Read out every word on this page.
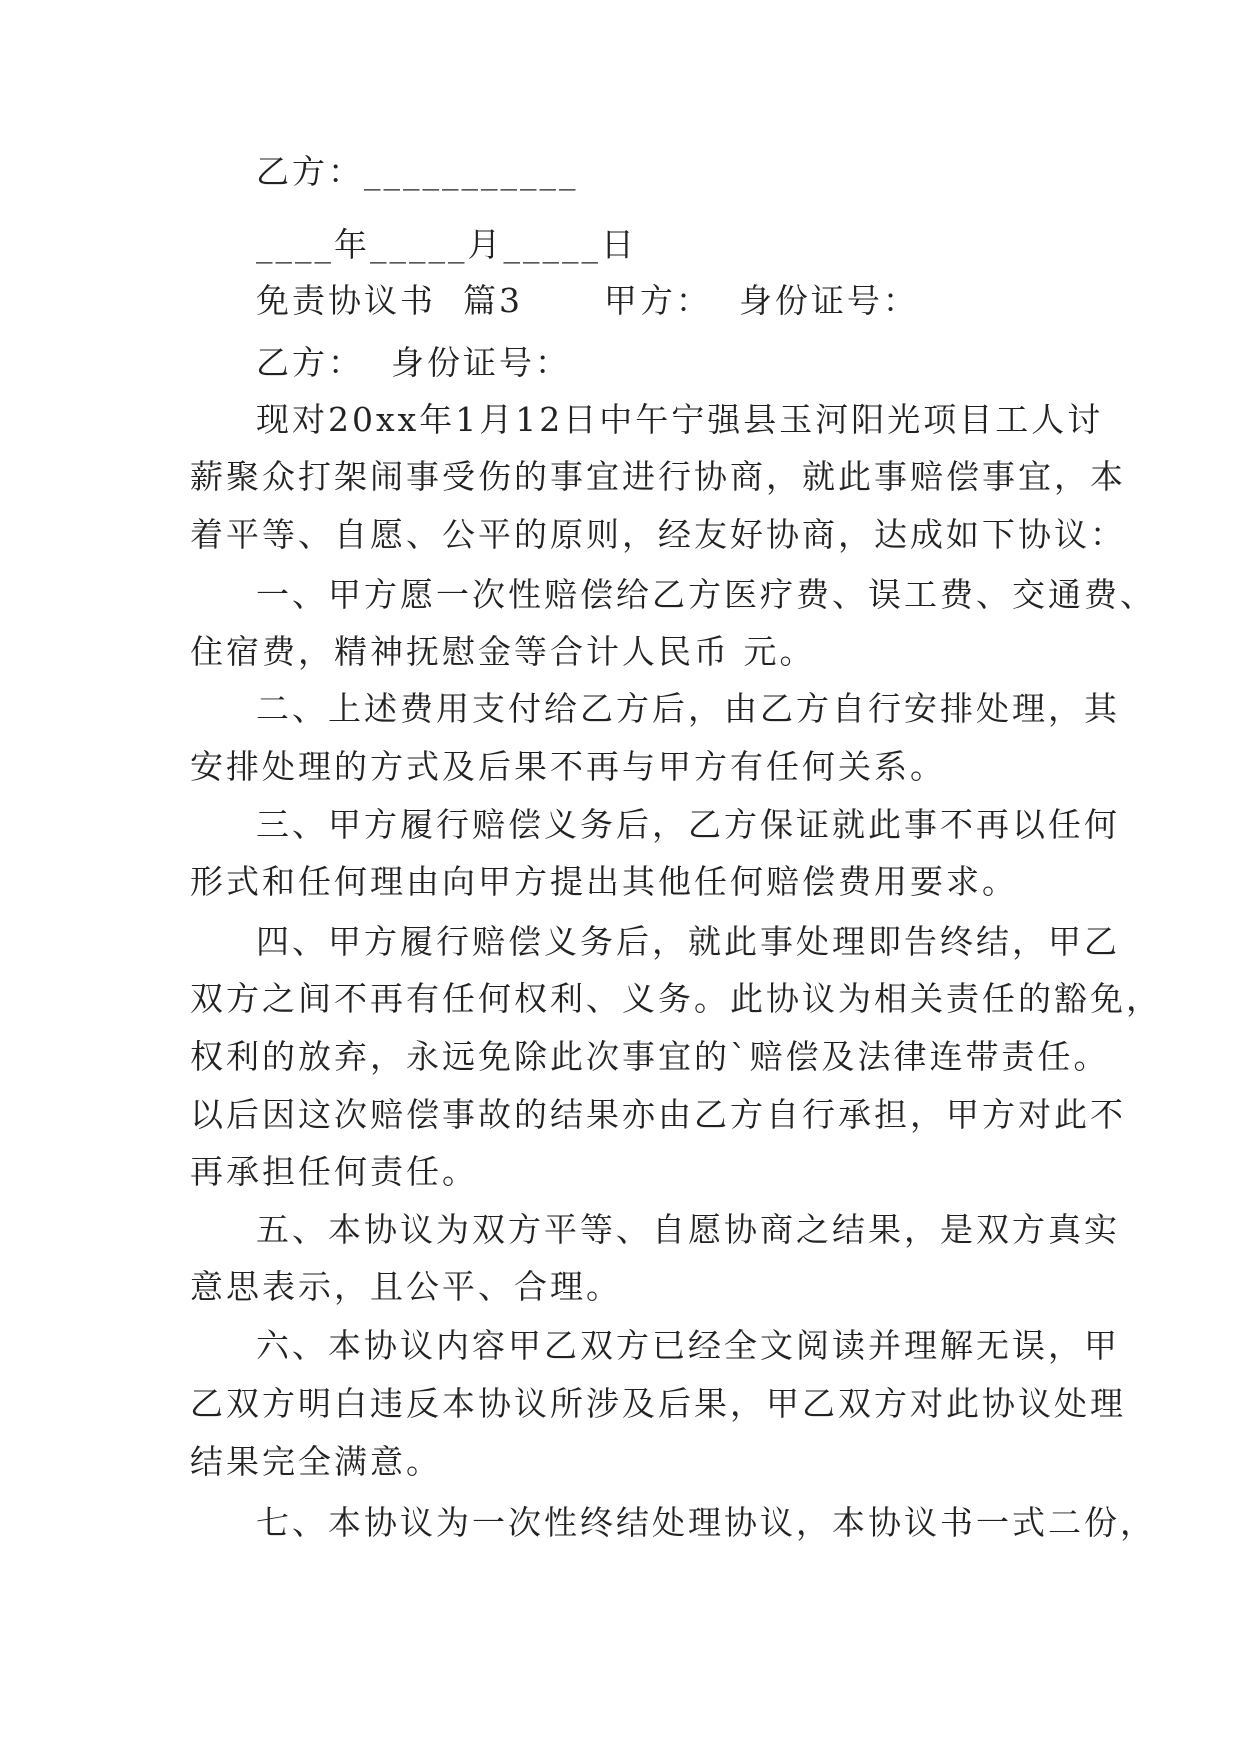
乙方：___________
____年_____月_____日
免责协议书  篇3      甲方：  身份证号：
乙方：  身份证号：
现对20xx年1月12日中午宁强县玉河阳光项目工人讨
薪聚众打架闹事受伤的事宜进行协商，就此事赔偿事宜，本
着平等、自愿、公平的原则，经友好协商，达成如下协议：
一、甲方愿一次性赔偿给乙方医疗费、误工费、交通费、
住宿费，精神抚慰金等合计人民币 元。
二、上述费用支付给乙方后，由乙方自行安排处理，其
安排处理的方式及后果不再与甲方有任何关系。
三、甲方履行赔偿义务后，乙方保证就此事不再以任何
形式和任何理由向甲方提出其他任何赔偿费用要求。
四、甲方履行赔偿义务后，就此事处理即告终结，甲乙
双方之间不再有任何权利、义务。此协议为相关责任的豁免，
权利的放弃，永远免除此次事宜的`赔偿及法律连带责任。
以后因这次赔偿事故的结果亦由乙方自行承担，甲方对此不
再承担任何责任。
五、本协议为双方平等、自愿协商之结果，是双方真实
意思表示，且公平、合理。
六、本协议内容甲乙双方已经全文阅读并理解无误，甲
乙双方明白违反本协议所涉及后果，甲乙双方对此协议处理
结果完全满意。
七、本协议为一次性终结处理协议，本协议书一式二份，
